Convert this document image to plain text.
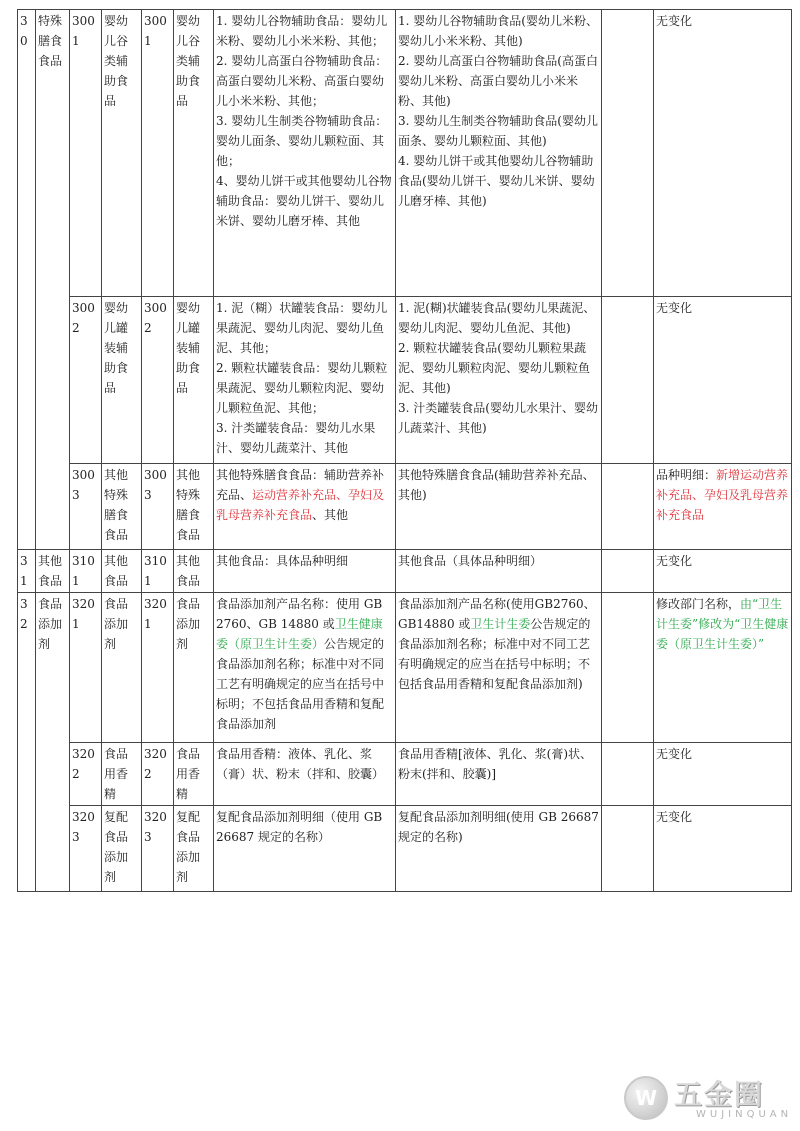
30	特殊膳食食品	3001	婴幼儿谷类辅助食品	3001	婴幼儿谷类辅助食品	1. 婴幼儿谷物辅助食品：婴幼儿米粉、婴幼儿小米米粉、其他；
2. 婴幼儿高蛋白谷物辅助食品：高蛋白婴幼儿米粉、高蛋白婴幼儿小米米粉、其他；
3. 婴幼儿生制类谷物辅助食品：婴幼儿面条、婴幼儿颗粒面、其他；
4、婴幼儿饼干或其他婴幼儿谷物辅助食品：婴幼儿饼干、婴幼儿米饼、婴幼儿磨牙棒、其他	1. 婴幼儿谷物辅助食品(婴幼儿米粉、婴幼儿小米米粉、其他)
2. 婴幼儿高蛋白谷物辅助食品(高蛋白婴幼儿米粉、高蛋白婴幼儿小米米粉、其他)
3. 婴幼儿生制类谷物辅助食品(婴幼儿面条、婴幼儿颗粒面、其他)
4. 婴幼儿饼干或其他婴幼儿谷物辅助食品(婴幼儿饼干、婴幼儿米饼、婴幼儿磨牙棒、其他)		无变化
		3002	婴幼儿罐装辅助食品	3002	婴幼儿罐装辅助食品	1. 泥（糊）状罐装食品：婴幼儿果蔬泥、婴幼儿肉泥、婴幼儿鱼泥、其他；
2. 颗粒状罐装食品：婴幼儿颗粒果蔬泥、婴幼儿颗粒肉泥、婴幼儿颗粒鱼泥、其他；
3. 汁类罐装食品：婴幼儿水果汁、婴幼儿蔬菜汁、其他	1. 泥(糊)状罐装食品(婴幼儿果蔬泥、婴幼儿肉泥、婴幼儿鱼泥、其他)
2. 颗粒状罐装食品(婴幼儿颗粒果蔬泥、婴幼儿颗粒肉泥、婴幼儿颗粒鱼泥、其他)
3. 汁类罐装食品(婴幼儿水果汁、婴幼儿蔬菜汁、其他)		无变化
		3003	其他特殊膳食食品	3003	其他特殊膳食食品	其他特殊膳食食品：辅助营养补充品、运动营养补充品、孕妇及乳母营养补充食品、其他	其他特殊膳食食品(辅助营养补充品、其他)		品种明细：新增运动营养补充品、孕妇及乳母营养补充食品
31	其他食品	3101	其他食品	3101	其他食品	其他食品：具体品种明细	其他食品（具体品种明细）		无变化
32	食品添加剂	3201	食品添加剂	3201	食品添加剂	食品添加剂产品名称：使用 GB 2760、GB 14880 或卫生健康委（原卫生计生委）公告规定的食品添加剂名称；标准中对不同工艺有明确规定的应当在括号中标明；不包括食品用香精和复配食品添加剂	食品添加剂产品名称(使用GB2760、GB14880 或卫生计生委公告规定的食品添加剂名称；标准中对不同工艺有明确规定的应当在括号中标明；不包括食品用香精和复配食品添加剂)		修改部门名称，由“卫生计生委”修改为“卫生健康委（原卫生计生委）”
		3202	食品用香精	3202	食品用香精	食品用香精：液体、乳化、浆（膏）状、粉末（拌和、胶囊）	食品用香精[液体、乳化、浆(膏)状、粉末(拌和、胶囊)]		无变化
		3203	复配食品添加剂	3203	复配食品添加剂	复配食品添加剂明细（使用 GB 26687 规定的名称）	复配食品添加剂明细(使用 GB 26687 规定的名称)		无变化
W 五金圈
WUJINQUAN
